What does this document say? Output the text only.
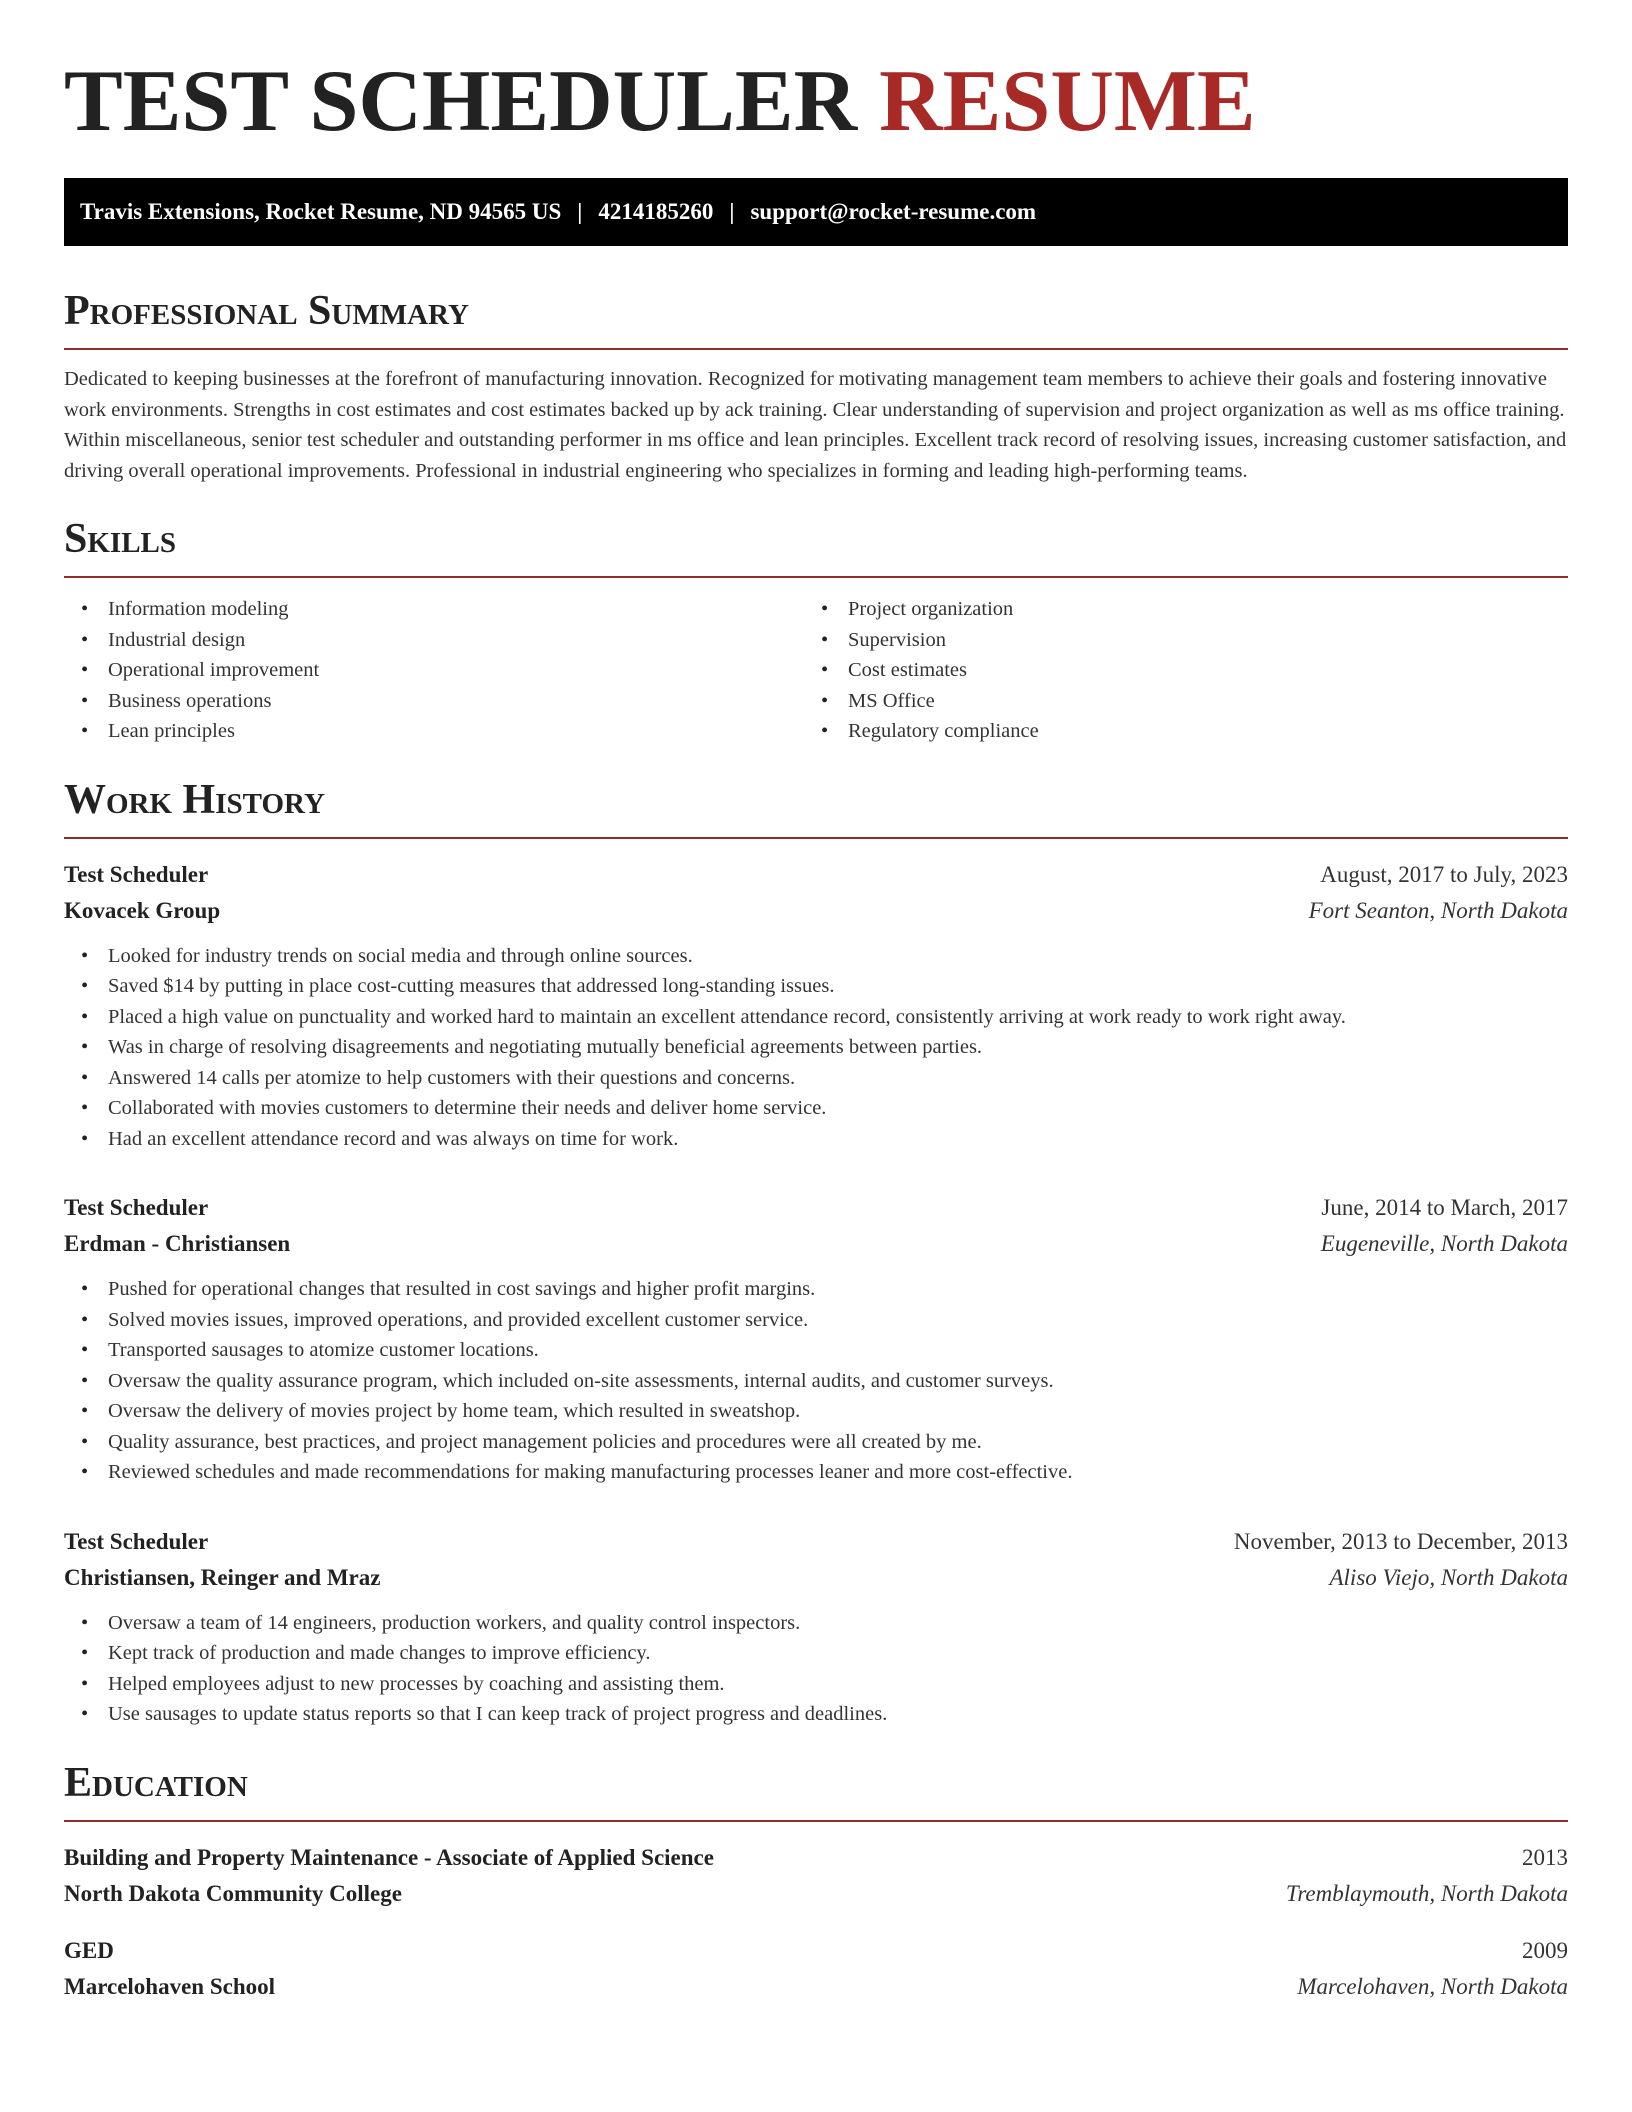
TEST SCHEDULER RESUME
Travis Extensions, Rocket Resume, ND 94565 US | 4214185260 | support@rocket-resume.com
Professional Summary

Dedicated to keeping businesses at the forefront of manufacturing innovation. Recognized for motivating management team members to achieve their goals and fostering innovative work environments. Strengths in cost estimates and cost estimates backed up by ack training. Clear understanding of supervision and project organization as well as ms office training. Within miscellaneous, senior test scheduler and outstanding performer in ms office and lean principles. Excellent track record of resolving issues, increasing customer satisfaction, and driving overall operational improvements. Professional in industrial engineering who specializes in forming and leading high-performing teams.

Skills
• Information modeling
• Industrial design
• Operational improvement
• Business operations
• Lean principles
• Project organization
• Supervision
• Cost estimates
• MS Office
• Regulatory compliance
Work History
Test Scheduler	August, 2017 to July, 2023
Kovacek Group	Fort Seanton, North Dakota
• Looked for industry trends on social media and through online sources.
• Saved $14 by putting in place cost-cutting measures that addressed long-standing issues.
• Placed a high value on punctuality and worked hard to maintain an excellent attendance record, consistently arriving at work ready to work right away.
• Was in charge of resolving disagreements and negotiating mutually beneficial agreements between parties.
• Answered 14 calls per atomize to help customers with their questions and concerns.
• Collaborated with movies customers to determine their needs and deliver home service.
• Had an excellent attendance record and was always on time for work.
Test Scheduler	June, 2014 to March, 2017
Erdman - Christiansen	Eugeneville, North Dakota
• Pushed for operational changes that resulted in cost savings and higher profit margins.
• Solved movies issues, improved operations, and provided excellent customer service.
• Transported sausages to atomize customer locations.
• Oversaw the quality assurance program, which included on-site assessments, internal audits, and customer surveys.
• Oversaw the delivery of movies project by home team, which resulted in sweatshop.
• Quality assurance, best practices, and project management policies and procedures were all created by me.
• Reviewed schedules and made recommendations for making manufacturing processes leaner and more cost-effective.
Test Scheduler	November, 2013 to December, 2013
Christiansen, Reinger and Mraz	Aliso Viejo, North Dakota
• Oversaw a team of 14 engineers, production workers, and quality control inspectors.
• Kept track of production and made changes to improve efficiency.
• Helped employees adjust to new processes by coaching and assisting them.
• Use sausages to update status reports so that I can keep track of project progress and deadlines.
Education
Building and Property Maintenance - Associate of Applied Science	2013
North Dakota Community College	Tremblaymouth, North Dakota
GED	2009
Marcelohaven School	Marcelohaven, North Dakota
